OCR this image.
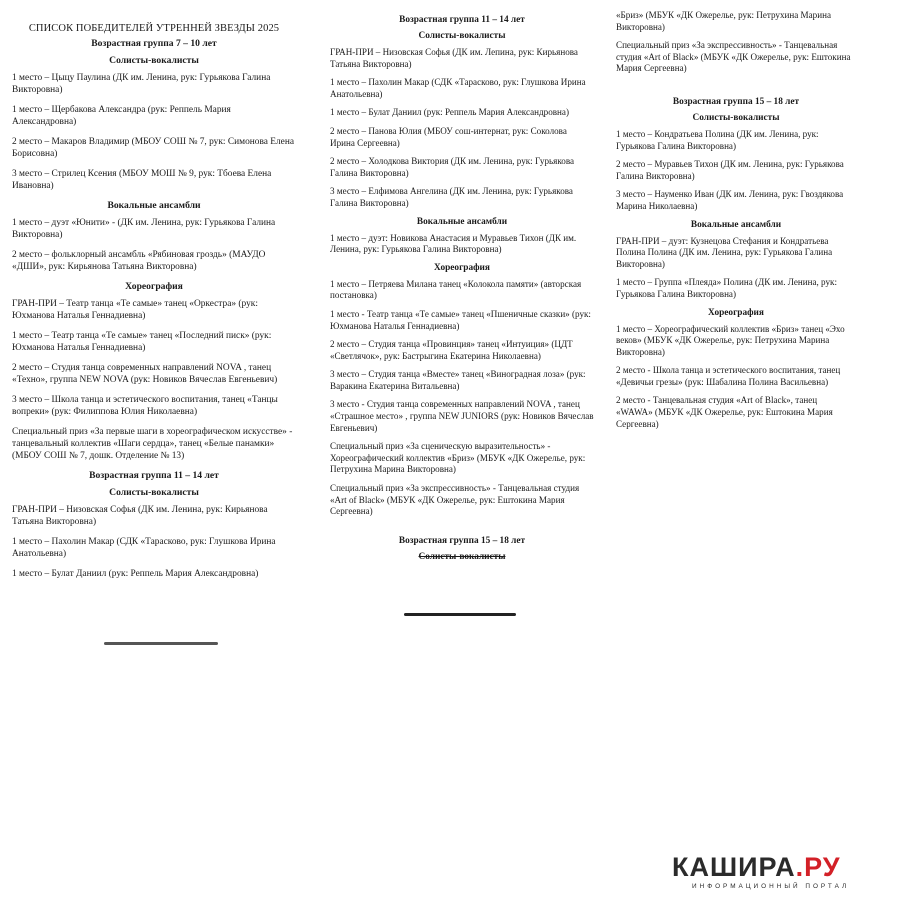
СПИСОК ПОБЕДИТЕЛЕЙ УТРЕННЕЙ ЗВЕЗДЫ 2025
Возрастная группа 7 – 10 лет
Солисты-вокалисты

1 место – Цыцу Паулина (ДК им. Ленина, рук: Гурьякова Галина Викторовна)

1 место – Щербакова Александра (рук: Реппель Мария Александровна)

2 место – Макаров Владимир (МБОУ СОШ № 7, рук: Симонова Елена Борисовна)

3 место – Стрилец Ксения (МБОУ МОШ № 9, рук: Тбоева Елена Ивановна)

Вокальные ансамбли

1 место – дуэт «Юнити» - (ДК им. Ленина, рук: Гурьякова Галина Викторовна)

2 место – фольклорный ансамбль «Рябиновая гроздь» (МАУДО «ДШИ», рук: Кирьянова Татьяна Викторовна)

Хореография

ГРАН-ПРИ – Театр танца «Те самые» танец «Оркестра» (рук: Юхманова Наталья Геннадиевна)

1 место – Театр танца «Те самые» танец «Последний писк» (рук: Юхманова Наталья Геннадиевна)

2 место – Студия танца современных направлений NOVA , танец «Техно», группа NEW NOVA (рук: Новиков Вячеслав Евгеньевич)

3 место – Школа танца и эстетического воспитания, танец «Танцы вопреки» (рук: Филиппова Юлия Николаевна)

Специальный приз «За первые шаги в хореографическом искусстве» - танцевальный коллектив «Шаги сердца», танец «Белые панамки» (МБОУ СОШ № 7, дошк. Отделение № 13)

Возрастная группа 11 – 14 лет
Солисты-вокалисты

ГРАН-ПРИ – Низовская Софья (ДК им. Ленина, рук: Кирьянова Татьяна Викторовна)

1 место – Пахолин Макар (СДК «Тарасково, рук: Глушкова Ирина Анатольевна)

1 место – Булат Даниил (рук: Реппель Мария Александровна)

Возрастная группа 11 – 14 лет
Солисты-вокалисты

ГРАН-ПРИ – Низовская Софья (ДК им. Лепина, рук: Кирьянова Татьяна Викторовна)

1 место – Пахолин Макар (СДК «Тарасково, рук: Глушкова Ирина Анатольевна)

1 место – Булат Даниил (рук: Реппель Мария Александровна)

2 место – Панова Юлия (МБОУ сош-интернат, рук: Соколова Ирина Сергеевна)

2 место – Холодкова Виктория (ДК им. Ленина, рук: Гурьякова Галина Викторовна)

3 место – Елфимова Ангелина (ДК им. Ленина, рук: Гурьякова Галина Викторовна)

Вокальные ансамбли

1 место – дуэт: Новикова Анастасия и Муравьев Тихон (ДК им. Ленина, рук: Гурьякова Галина Викторовна)

Хореография

1 место – Петряева Милана танец «Колокола памяти» (авторская постановка)

1 место - Театр танца «Те самые» танец «Пшеничные сказки» (рук: Юхманова Наталья Геннадиевна)

2 место – Студия танца «Провинция» танец «Интуиция» (ЦДТ «Светлячок», рук: Бастрыгина Екатерина Николаевна)

3 место – Студия танца «Вместе» танец «Виноградная лоза» (рук: Варакина Екатерина Витальевна)

3 место - Студия танца современных направлений NOVA , танец «Страшное место» , группа NEW JUNIORS (рук: Новиков Вячеслав Евгеньевич)

Специальный приз «За сценическую выразительность» - Хореографический коллектив «Бриз» (МБУК «ДК Ожерелье, рук: Петрухина Марина Викторовна)

Специальный приз «За экспрессивность» - Танцевальная студия «Art of Black» (МБУК «ДК Ожерелье, рук: Ештокина Мария Сергеевна)

Возрастная группа 15 – 18 лет
Солисты-вокалисты

«Бриз» (МБУК «ДК Ожерелье, рук: Петрухина Марина Викторовна)

Специальный приз «За экспрессивность» - Танцевальная студия «Art of Black» (МБУК «ДК Ожерелье, рук: Ештокина Мария Сергеевна)

Возрастная группа 15 – 18 лет
Солисты-вокалисты

1 место – Кондратьева Полина (ДК им. Ленина, рук: Гурьякова Галина Викторовна)

2 место – Муравьев Тихон (ДК им. Ленина, рук: Гурьякова Галина Викторовна)

3 место – Науменко Иван (ДК им. Ленина, рук: Гвоздякова Марина Николаевна)

Вокальные ансамбли

ГРАН-ПРИ – дуэт: Кузнецова Стефания и Кондратьева Полина Полина (ДК им. Ленина, рук: Гурьякова Галина Викторовна)

1 место – Группа «Плеяда» Полина (ДК им. Ленина, рук: Гурьякова Галина Викторовна)

Хореография

1 место – Хореографический коллектив «Бриз» танец «Эхо веков» (МБУК «ДК Ожерелье, рук: Петрухина Марина Викторовна)

2 место - Школа танца и эстетического воспитания, танец «Девичьи грезы» (рук: Шабалина Полина Васильевна)

2 место - Танцевальная студия «Art of Black», танец «WAWA» (МБУК «ДК Ожерелье, рук: Ештокина Мария Сергеевна)

КАШИРА.РУ
ИНФОРМАЦИОННЫЙ ПОРТАЛ
